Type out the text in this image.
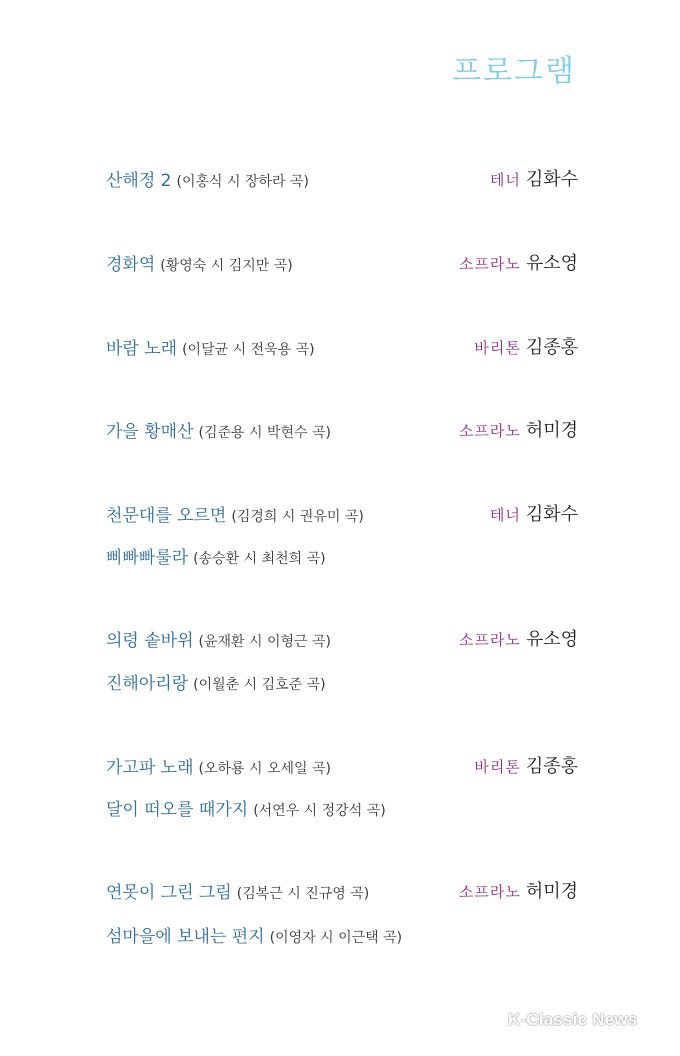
프로그램
산해정 2 (이홍식 시 장하라 곡)	테너 김화수
경화역 (황영숙 시 김지만 곡)	소프라노 유소영
바람 노래 (이달균 시 전욱용 곡)	바리톤 김종홍
가을 황매산 (김준용 시 박현수 곡)	소프라노 허미경
천문대를 오르면 (김경희 시 권유미 곡)	테너 김화수
삐빠빠룰라 (송승환 시 최천희 곡)
의령 솥바위 (윤재환 시 이형근 곡)	소프라노 유소영
진해아리랑 (이월춘 시 김호준 곡)
가고파 노래 (오하룡 시 오세일 곡)	바리톤 김종홍
달이 떠오를 때가지 (서연우 시 정강석 곡)
연못이 그린 그림 (김복근 시 진규영 곡)	소프라노 허미경
섬마을에 보내는 편지 (이영자 시 이근택 곡)
K-Classic News
